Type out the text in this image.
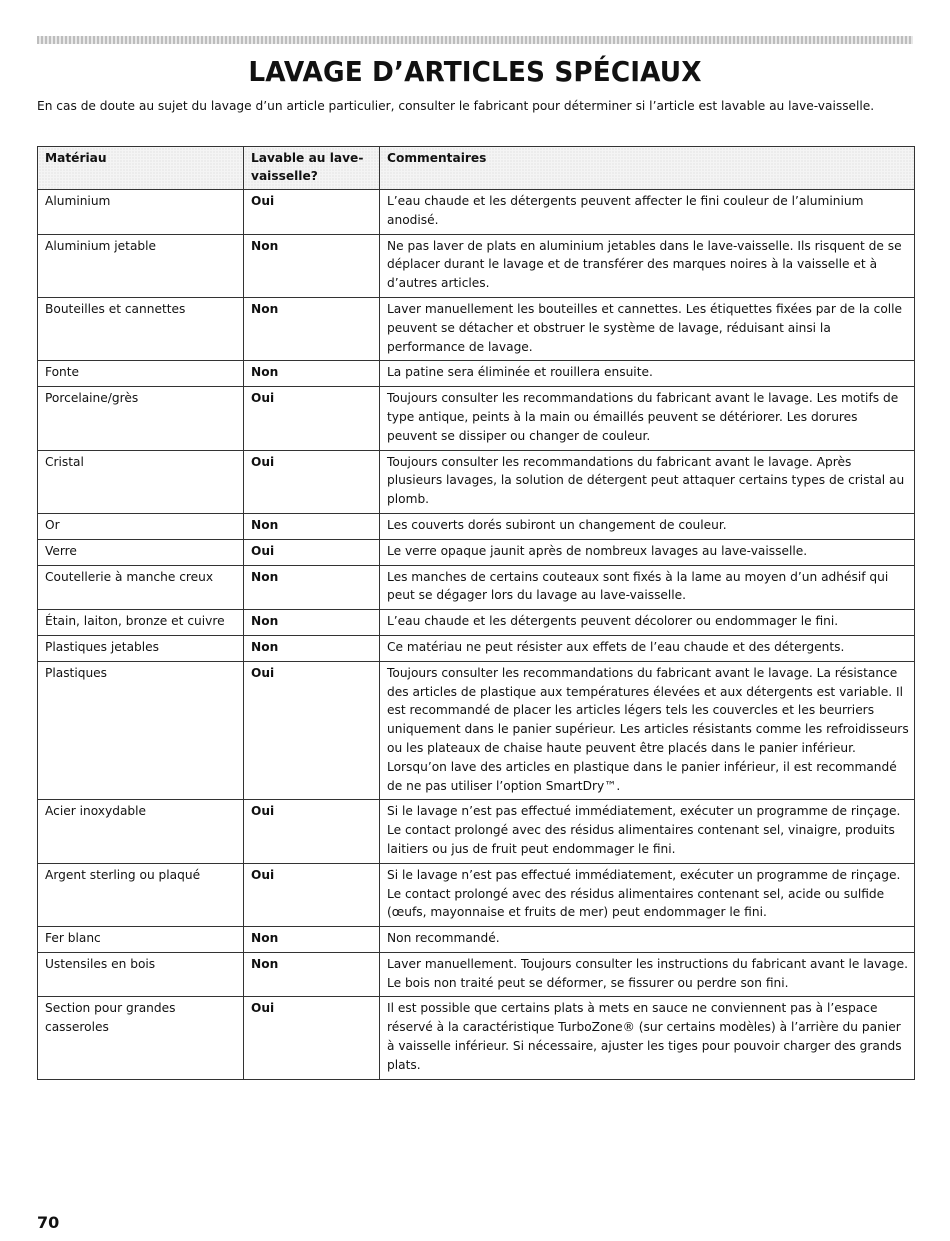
LAVAGE D’ARTICLES SPÉCIAUX

En cas de doute au sujet du lavage d’un article particulier, consulter le fabricant pour déterminer si l’article est lavable au lave-vaisselle.

Matériau	Lavable au lave-vaisselle?	Commentaires
Aluminium	Oui	L’eau chaude et les détergents peuvent affecter le fini couleur de l’aluminium anodisé.
Aluminium jetable	Non	Ne pas laver de plats en aluminium jetables dans le lave-vaisselle. Ils risquent de se déplacer durant le lavage et de transférer des marques noires à la vaisselle et à d’autres articles.
Bouteilles et cannettes	Non	Laver manuellement les bouteilles et cannettes. Les étiquettes fixées par de la colle peuvent se détacher et obstruer le système de lavage, réduisant ainsi la performance de lavage.
Fonte	Non	La patine sera éliminée et rouillera ensuite.
Porcelaine/grès	Oui	Toujours consulter les recommandations du fabricant avant le lavage. Les motifs de type antique, peints à la main ou émaillés peuvent se détériorer. Les dorures peuvent se dissiper ou changer de couleur.
Cristal	Oui	Toujours consulter les recommandations du fabricant avant le lavage. Après plusieurs lavages, la solution de détergent peut attaquer certains types de cristal au plomb.
Or	Non	Les couverts dorés subiront un changement de couleur.
Verre	Oui	Le verre opaque jaunit après de nombreux lavages au lave-vaisselle.
Coutellerie à manche creux	Non	Les manches de certains couteaux sont fixés à la lame au moyen d’un adhésif qui peut se dégager lors du lavage au lave-vaisselle.
Étain, laiton, bronze et cuivre	Non	L’eau chaude et les détergents peuvent décolorer ou endommager le fini.
Plastiques jetables	Non	Ce matériau ne peut résister aux effets de l’eau chaude et des détergents.
Plastiques	Oui	Toujours consulter les recommandations du fabricant avant le lavage. La résistance des articles de plastique aux températures élevées et aux détergents est variable. Il est recommandé de placer les articles légers tels les couvercles et les beurriers uniquement dans le panier supérieur. Les articles résistants comme les refroidisseurs ou les plateaux de chaise haute peuvent être placés dans le panier inférieur. Lorsqu’on lave des articles en plastique dans le panier inférieur, il est recommandé de ne pas utiliser l’option SmartDry™.
Acier inoxydable	Oui	Si le lavage n’est pas effectué immédiatement, exécuter un programme de rinçage. Le contact prolongé avec des résidus alimentaires contenant sel, vinaigre, produits laitiers ou jus de fruit peut endommager le fini.
Argent sterling ou plaqué	Oui	Si le lavage n’est pas effectué immédiatement, exécuter un programme de rinçage. Le contact prolongé avec des résidus alimentaires contenant sel, acide ou sulfide (œufs, mayonnaise et fruits de mer) peut endommager le fini.
Fer blanc	Non	Non recommandé.
Ustensiles en bois	Non	Laver manuellement. Toujours consulter les instructions du fabricant avant le lavage. Le bois non traité peut se déformer, se fissurer ou perdre son fini.
Section pour grandes casseroles	Oui	Il est possible que certains plats à mets en sauce ne conviennent pas à l’espace réservé à la caractéristique TurboZone® (sur certains modèles) à l’arrière du panier à vaisselle inférieur. Si nécessaire, ajuster les tiges pour pouvoir charger des grands plats.
70
